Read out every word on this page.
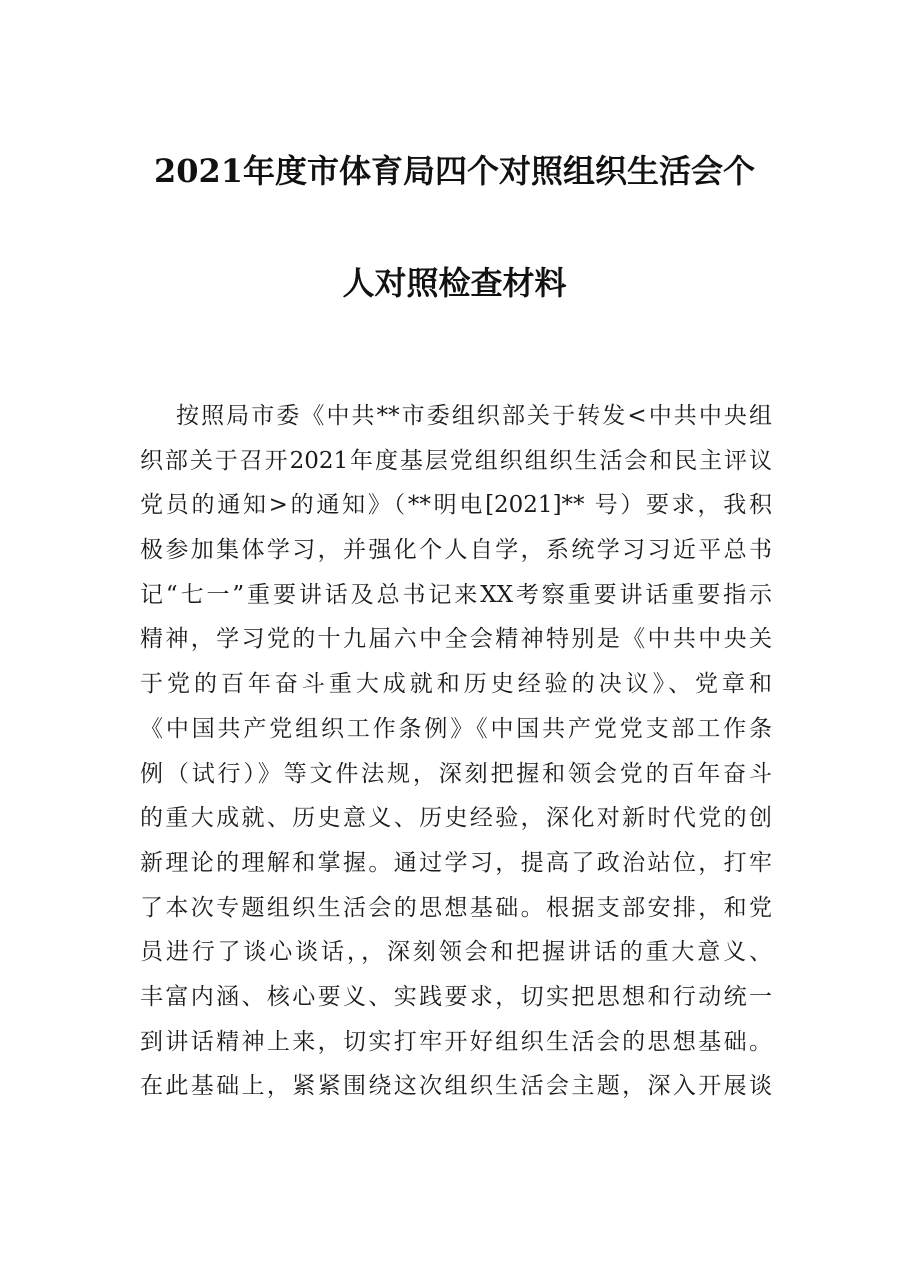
2021年度市体育局四个对照组织生活会个
人对照检查材料
按照局市委《中共**市委组织部关于转发<中共中央组
织部关于召开2021年度基层党组织组织生活会和民主评议
党员的通知>的通知》（**明电[2021]** 号）要求，我积
极参加集体学习，并强化个人自学，系统学习习近平总书
记“七一”重要讲话及总书记来XX考察重要讲话重要指示
精神，学习党的十九届六中全会精神特别是《中共中央关
于党的百年奋斗重大成就和历史经验的决议》、党章和
《中国共产党组织工作条例》《中国共产党党支部工作条
例（试行）》等文件法规，深刻把握和领会党的百年奋斗
的重大成就、历史意义、历史经验，深化对新时代党的创
新理论的理解和掌握。通过学习，提高了政治站位，打牢
了本次专题组织生活会的思想基础。根据支部安排，和党
员进行了谈心谈话，，深刻领会和把握讲话的重大意义、
丰富内涵、核心要义、实践要求，切实把思想和行动统一
到讲话精神上来，切实打牢开好组织生活会的思想基础。
在此基础上，紧紧围绕这次组织生活会主题，深入开展谈
